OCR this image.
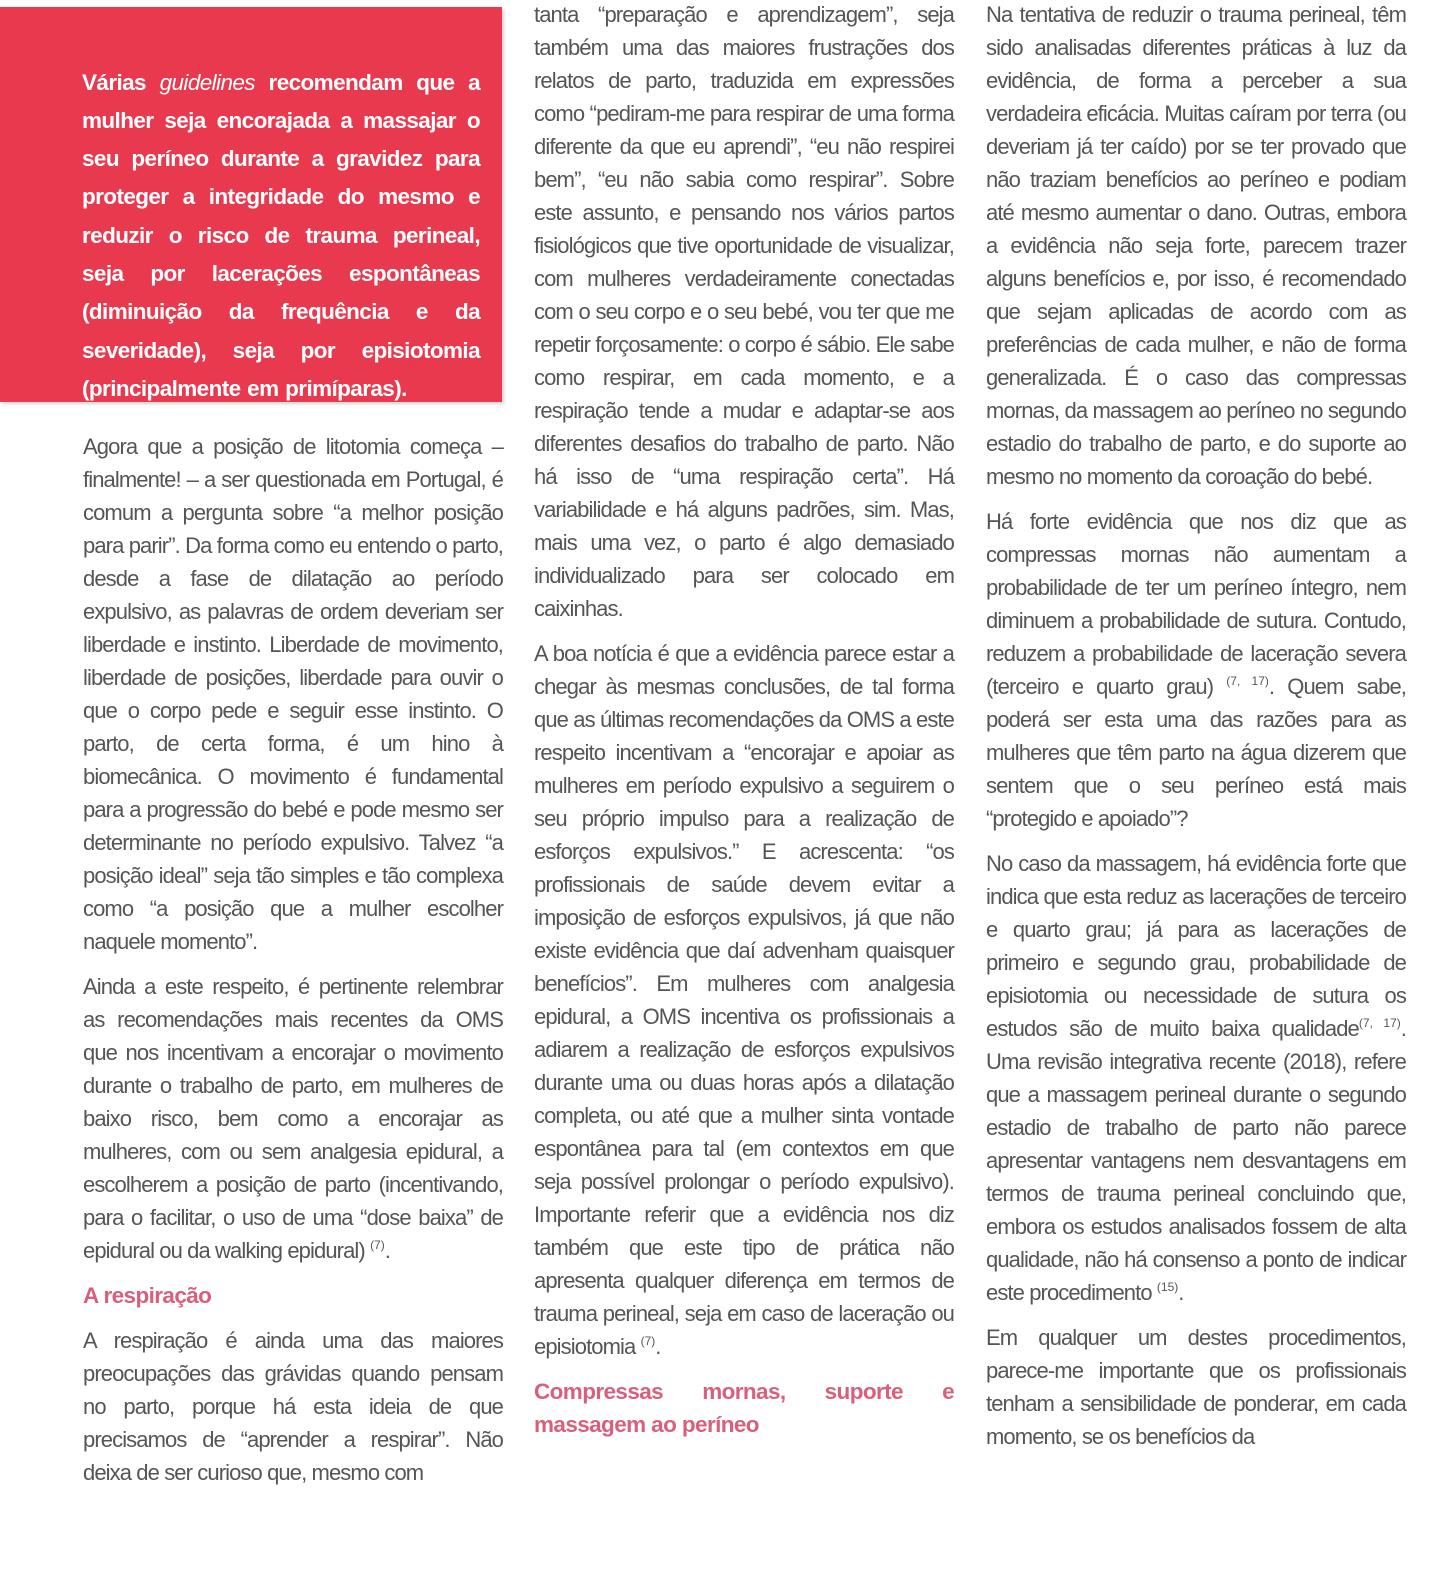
Várias guidelines recomendam que a mulher seja encorajada a massajar o seu períneo durante a gravidez para proteger a integridade do mesmo e reduzir o risco de trauma perineal, seja por lacerações espontâneas (diminuição da frequência e da severidade), seja por episiotomia (principalmente em primíparas).

Agora que a posição de litotomia começa – finalmente! – a ser questionada em Portugal, é comum a pergunta sobre “a melhor posição para parir”. Da forma como eu entendo o parto, desde a fase de dilatação ao período expulsivo, as palavras de ordem deveriam ser liberdade e instinto. Liberdade de movimento, liberdade de posições, liberdade para ouvir o que o corpo pede e seguir esse instinto. O parto, de certa forma, é um hino à biomecânica. O movimento é fundamental para a progressão do bebé e pode mesmo ser determinante no período expulsivo. Talvez “a posição ideal” seja tão simples e tão complexa como “a posição que a mulher escolher naquele momento”.

Ainda a este respeito, é pertinente relembrar as recomendações mais recentes da OMS que nos incentivam a encorajar o movimento durante o trabalho de parto, em mulheres de baixo risco, bem como a encorajar as mulheres, com ou sem analgesia epidural, a escolherem a posição de parto (incentivando, para o facilitar, o uso de uma “dose baixa” de epidural ou da walking epidural) $^{(7)}$.

A respiração

A respiração é ainda uma das maiores preocupações das grávidas quando pensam no parto, porque há esta ideia de que precisamos de “aprender a respirar”. Não deixa de ser curioso que, mesmo com

tanta “preparação e aprendizagem”, seja também uma das maiores frustrações dos relatos de parto, traduzida em expressões como “pediram-me para respirar de uma forma diferente da que eu aprendi”, “eu não respirei bem”, “eu não sabia como respirar”. Sobre este assunto, e pensando nos vários partos fisiológicos que tive oportunidade de visualizar, com mulheres verdadeiramente conectadas com o seu corpo e o seu bebé, vou ter que me repetir forçosamente: o corpo é sábio. Ele sabe como respirar, em cada momento, e a respiração tende a mudar e adaptar-se aos diferentes desafios do trabalho de parto. Não há isso de “uma respiração certa”. Há variabilidade e há alguns padrões, sim. Mas, mais uma vez, o parto é algo demasiado individualizado para ser colocado em caixinhas.

A boa notícia é que a evidência parece estar a chegar às mesmas conclusões, de tal forma que as últimas recomendações da OMS a este respeito incentivam a “encorajar e apoiar as mulheres em período expulsivo a seguirem o seu próprio impulso para a realização de esforços expulsivos.” E acrescenta: “os profissionais de saúde devem evitar a imposição de esforços expulsivos, já que não existe evidência que daí advenham quaisquer benefícios”. Em mulheres com analgesia epidural, a OMS incentiva os profissionais a adiarem a realização de esforços expulsivos durante uma ou duas horas após a dilatação completa, ou até que a mulher sinta vontade espontânea para tal (em contextos em que seja possível prolongar o período expulsivo). Importante referir que a evidência nos diz também que este tipo de prática não apresenta qualquer diferença em termos de trauma perineal, seja em caso de laceração ou episiotomia $^{(7)}$.

Compressas mornas, suporte e massagem ao períneo

Na tentativa de reduzir o trauma perineal, têm sido analisadas diferentes práticas à luz da evidência, de forma a perceber a sua verdadeira eficácia. Muitas caíram por terra (ou deveriam já ter caído) por se ter provado que não traziam benefícios ao períneo e podiam até mesmo aumentar o dano. Outras, embora a evidência não seja forte, parecem trazer alguns benefícios e, por isso, é recomendado que sejam aplicadas de acordo com as preferências de cada mulher, e não de forma generalizada. É o caso das compressas mornas, da massagem ao períneo no segundo estadio do trabalho de parto, e do suporte ao mesmo no momento da coroação do bebé.

Há forte evidência que nos diz que as compressas mornas não aumentam a probabilidade de ter um períneo íntegro, nem diminuem a probabilidade de sutura. Contudo, reduzem a probabilidade de laceração severa (terceiro e quarto grau) $^{(7, 17)}$. Quem sabe, poderá ser esta uma das razões para as mulheres que têm parto na água dizerem que sentem que o seu períneo está mais “protegido e apoiado”?

No caso da massagem, há evidência forte que indica que esta reduz as lacerações de terceiro e quarto grau; já para as lacerações de primeiro e segundo grau, probabilidade de episiotomia ou necessidade de sutura os estudos são de muito baixa qualidade$^{(7, 17)}$. Uma revisão integrativa recente (2018), refere que a massagem perineal durante o segundo estadio de trabalho de parto não parece apresentar vantagens nem desvantagens em termos de trauma perineal concluindo que, embora os estudos analisados fossem de alta qualidade, não há consenso a ponto de indicar este procedimento $^{(15)}$.

Em qualquer um destes procedimentos, parece-me importante que os profissionais tenham a sensibilidade de ponderar, em cada momento, se os benefícios da
